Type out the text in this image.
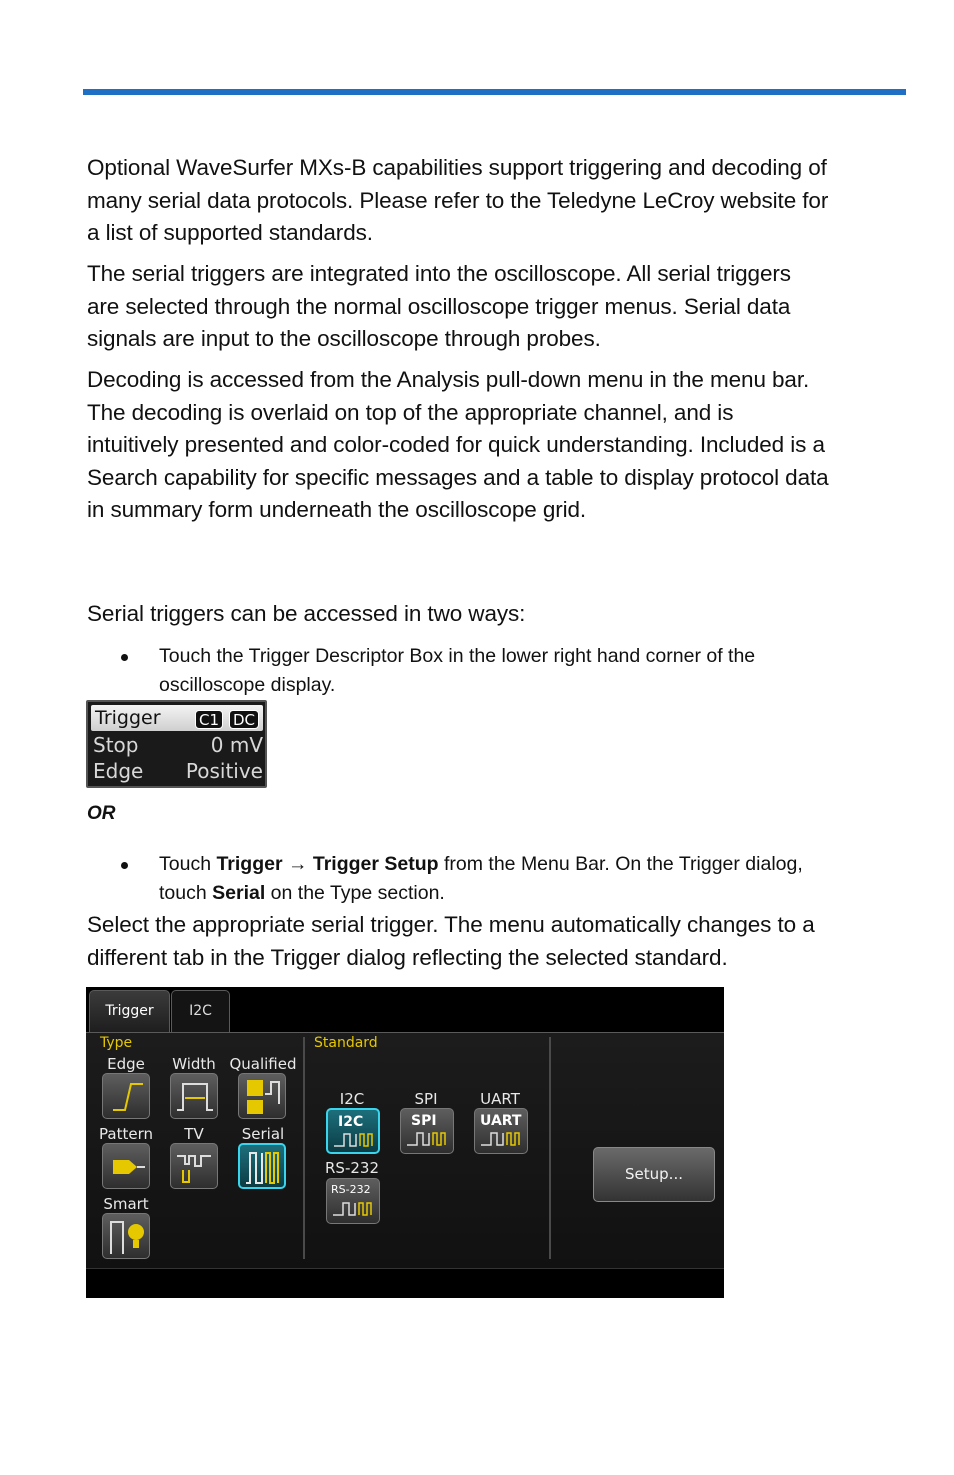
Optional WaveSurfer MXs-B capabilities support triggering and decoding of
many serial data protocols. Please refer to the Teledyne LeCroy website for
a list of supported standards.
The serial triggers are integrated into the oscilloscope. All serial triggers
are selected through the normal oscilloscope trigger menus. Serial data
signals are input to the oscilloscope through probes.
Decoding is accessed from the Analysis pull-down menu in the menu bar.
The decoding is overlaid on top of the appropriate channel, and is
intuitively presented and color-coded for quick understanding. Included is a
Search capability for specific messages and a table to display protocol data
in summary form underneath the oscilloscope grid.
Serial triggers can be accessed in two ways:
Touch the Trigger Descriptor Box in the lower right hand corner of the
oscilloscope display.
Trigger	C1 DC
Stop	0 mV
Edge Positive
OR
Touch Trigger → Trigger Setup from the Menu Bar. On the Trigger dialog,
touch Serial on the Type section.
Select the appropriate serial trigger. The menu automatically changes to a
different tab in the Trigger dialog reflecting the selected standard.
Trigger	I2C
Type	Standard
Edge	Width Qualified
Pattern	TV	Serial
Smart
I2C	SPI	UART
RS-232
I2C	SPI	UART
RS-232
Setup...
